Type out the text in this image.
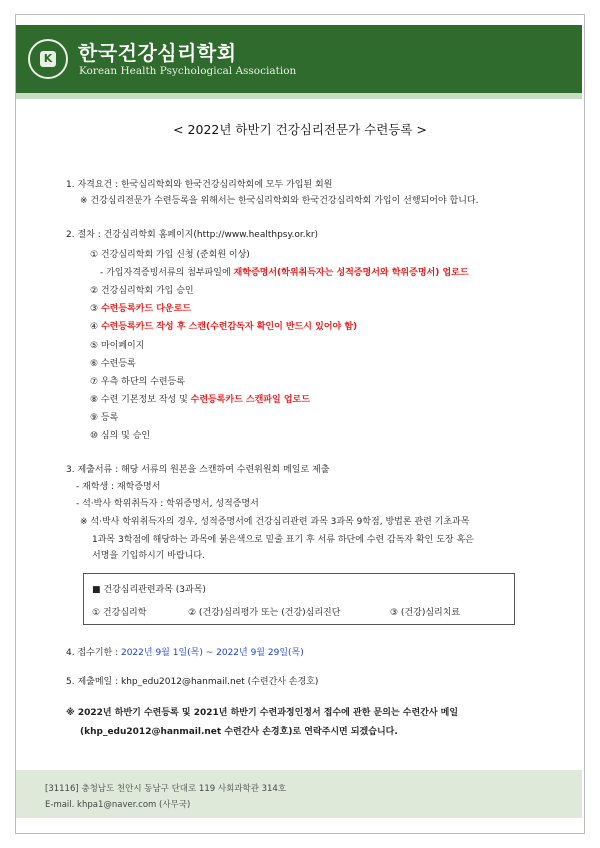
K 한국건강심리학회
Korean Health Psychological Association
< 2022년 하반기 건강심리전문가 수련등록 >
1. 자격요건 : 한국심리학회와 한국건강심리학회에 모두 가입된 회원
※ 건강심리전문가 수련등록을 위해서는 한국심리학회와 한국건강심리학회 가입이 선행되어야 합니다.
2. 절차 : 건강심리학회 홈페이지(http://www.healthpsy.or.kr)
① 건강심리학회 가입 신청 (준회원 이상)
- 가입자격증빙서류의 첨부파일에 재학증명서(학위취득자는 성적증명서와 학위증명서) 업로드
② 건강심리학회 가입 승인
③ 수련등록카드 다운로드
④ 수련등록카드 작성 후 스캔(수련감독자 확인이 반드시 있어야 함)
⑤ 마이페이지
⑥ 수련등록
⑦ 우측 하단의 수련등록
⑧ 수련 기본정보 작성 및 수련등록카드 스캔파일 업로드
⑨ 등록
⑩ 심의 및 승인
3. 제출서류 : 해당 서류의 원본을 스캔하여 수련위원회 메일로 제출
- 재학생 : 재학증명서
- 석·박사 학위취득자 : 학위증명서, 성적증명서
※ 석·박사 학위취득자의 경우, 성적증명서에 건강심리관련 과목 3과목 9학점, 방법론 관련 기초과목
1과목 3학점에 해당하는 과목에 붉은색으로 밑줄 표기 후 서류 하단에 수련 감독자 확인 도장 혹은
서명을 기입하시기 바랍니다.
■ 건강심리관련과목 (3과목)
① 건강심리학	② (건강)심리평가 또는 (건강)심리진단	③ (건강)심리치료
4. 접수기한 : 2022년 9월 1일(목) ~ 2022년 9월 29일(목)
5. 제출메일 : khp_edu2012@hanmail.net (수련간사 손경호)
※ 2022년 하반기 수련등록 및 2021년 하반기 수련과정인정서 접수에 관한 문의는 수련간사 메일
(khp_edu2012@hanmail.net 수련간사 손경호)로 연락주시면 되겠습니다.
[31116] 충청남도 천안시 동남구 단대로 119 사회과학관 314호
E-mail. khpa1@naver.com (사무국)
